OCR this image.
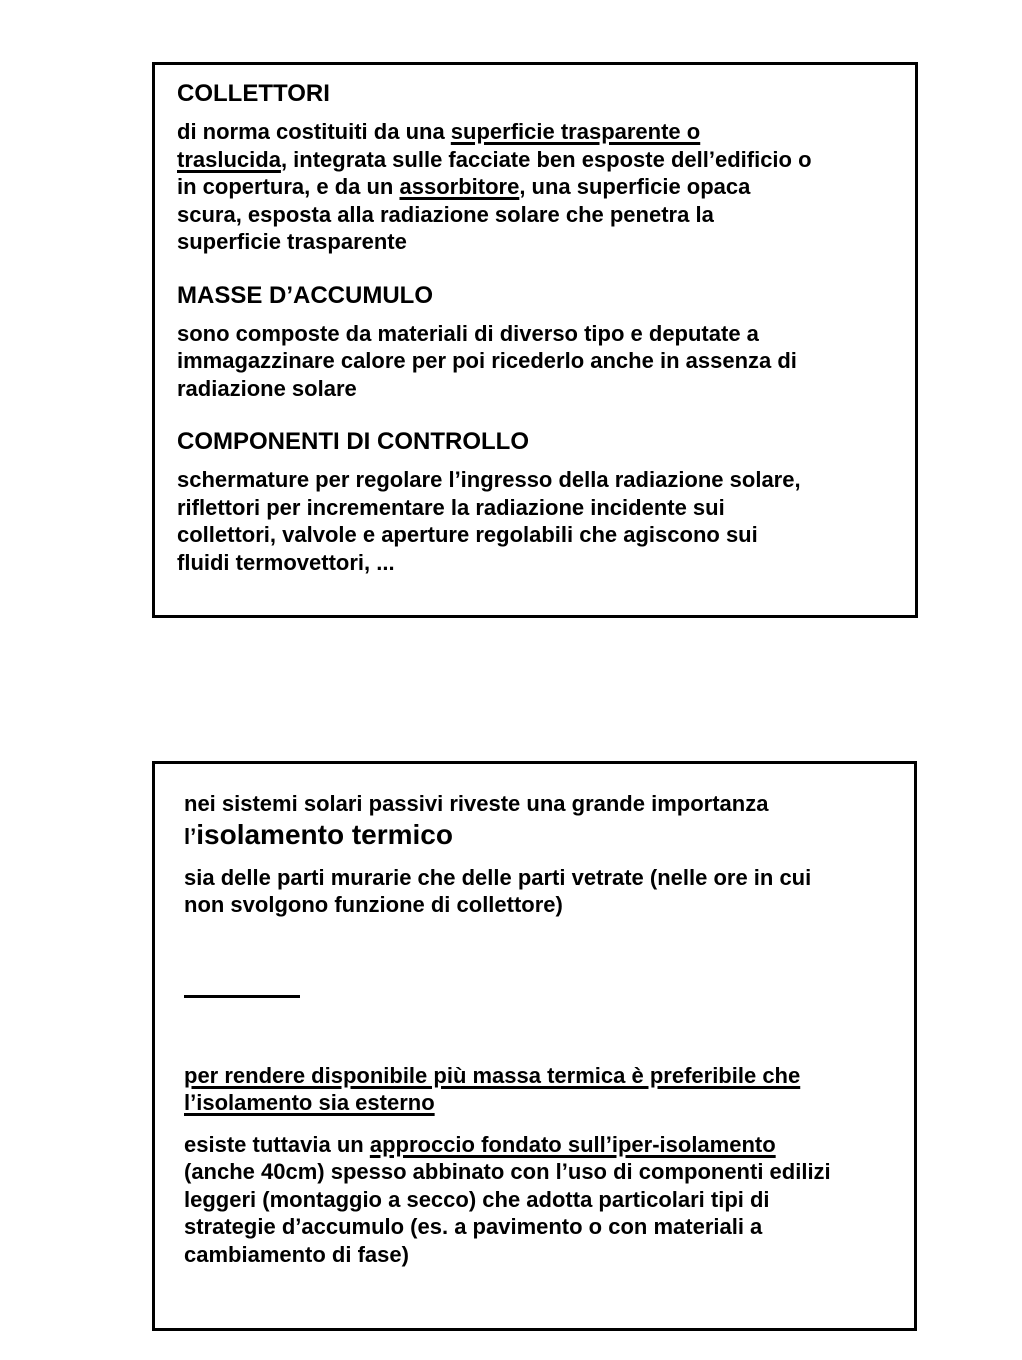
COLLETTORI

di norma costituiti da una superficie trasparente o traslucida, integrata sulle facciate ben esposte dell’edificio o in copertura, e da un assorbitore, una superficie opaca scura, esposta alla radiazione solare che penetra la superficie trasparente

MASSE D’ACCUMULO

sono composte da materiali di diverso tipo e deputate a immagazzinare calore per poi ricederlo anche in assenza di radiazione solare

COMPONENTI DI CONTROLLO

schermature per regolare l’ingresso della radiazione solare, riflettori per incrementare la radiazione incidente sui collettori, valvole e aperture regolabili che agiscono sui fluidi termovettori, ...

nei sistemi solari passivi riveste una grande importanza

l’isolamento termico

sia delle parti murarie che delle parti vetrate (nelle ore in cui non svolgono funzione di collettore)

per rendere disponibile più massa termica è preferibile che l’isolamento sia esterno

esiste tuttavia un approccio fondato sull’iper-isolamento
(anche 40cm) spesso abbinato con l’uso di componenti edilizi leggeri (montaggio a secco) che adotta particolari tipi di strategie d’accumulo (es. a pavimento o con materiali a cambiamento di fase)
